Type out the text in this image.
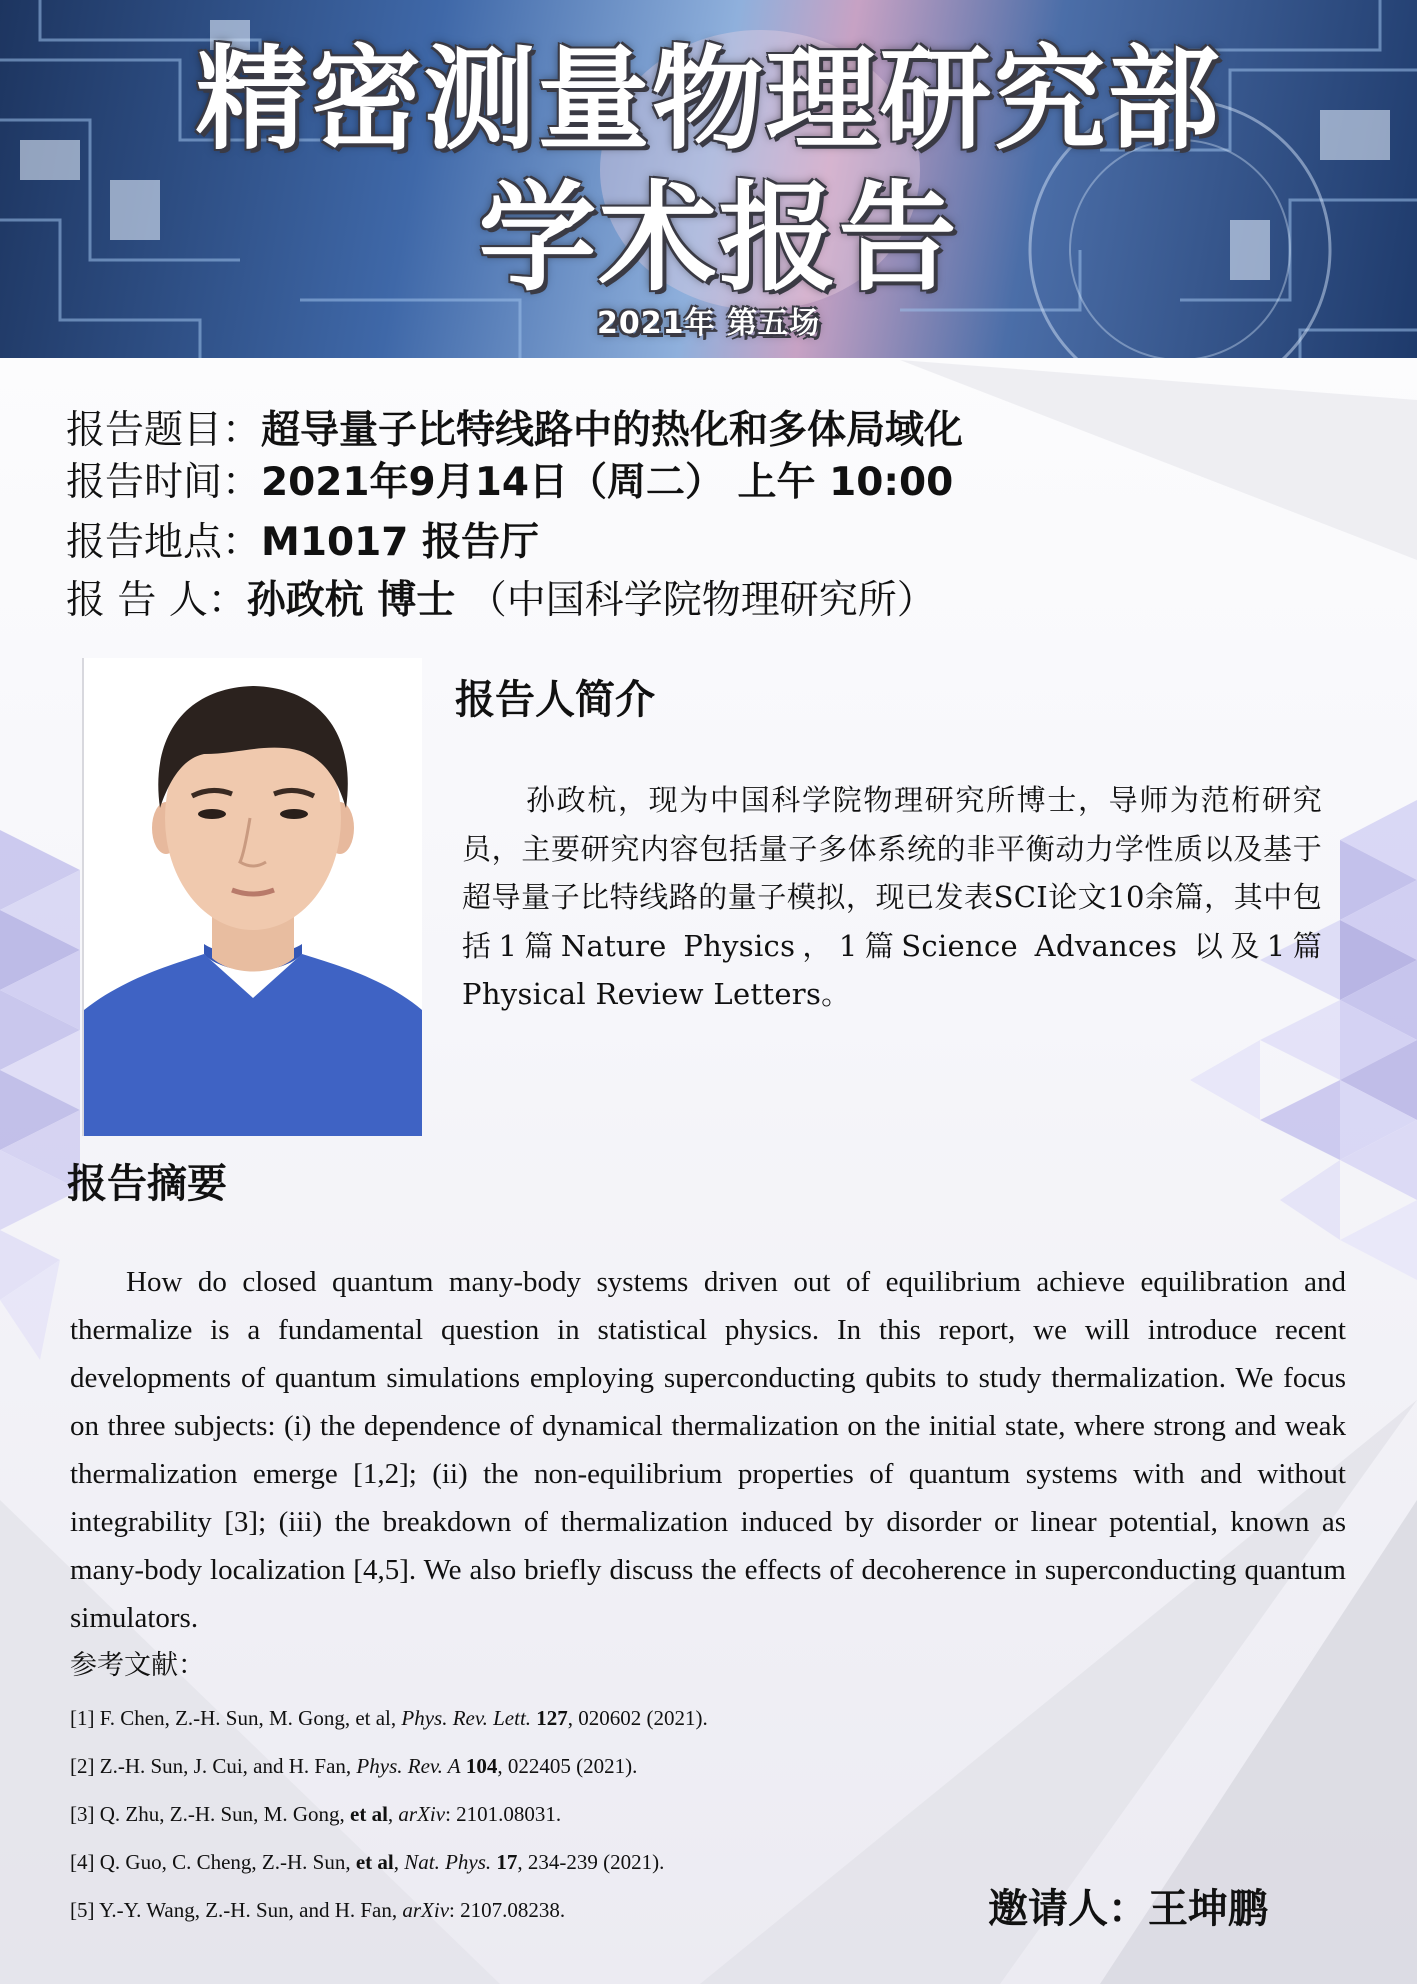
精密测量物理研究部
学术报告
2021年 第五场
报告题目：超导量子比特线路中的热化和多体局域化
报告时间：2021年9月14日（周二） 上午 10:00
报告地点：M1017 报告厅
报 告 人：孙政杭 博士 （中国科学院物理研究所）
报告人简介
孙政杭，现为中国科学院物理研究所博士，导师为范桁研究员，主要研究内容包括量子多体系统的非平衡动力学性质以及基于超导量子比特线路的量子模拟，现已发表SCI论文10余篇，其中包括1篇Nature Physics，1篇Science Advances 以及1篇Physical Review Letters。
报告摘要
How do closed quantum many-body systems driven out of equilibrium achieve equilibration and thermalize is a fundamental question in statistical physics. In this report, we will introduce recent developments of quantum simulations employing superconducting qubits to study thermalization. We focus on three subjects: (i) the dependence of dynamical thermalization on the initial state, where strong and weak thermalization emerge [1,2]; (ii) the non-equilibrium properties of quantum systems with and without integrability [3]; (iii) the breakdown of thermalization induced by disorder or linear potential, known as many-body localization [4,5]. We also briefly discuss the effects of decoherence in superconducting quantum simulators.
参考文献：
[1] F. Chen, Z.-H. Sun, M. Gong, et al, Phys. Rev. Lett. 127, 020602 (2021).
[2] Z.-H. Sun, J. Cui, and H. Fan, Phys. Rev. A 104, 022405 (2021).
[3] Q. Zhu, Z.-H. Sun, M. Gong, et al, arXiv: 2101.08031.
[4] Q. Guo, C. Cheng, Z.-H. Sun, et al, Nat. Phys. 17, 234-239 (2021).
[5] Y.-Y. Wang, Z.-H. Sun, and H. Fan, arXiv: 2107.08238.	邀请人：王坤鹏
